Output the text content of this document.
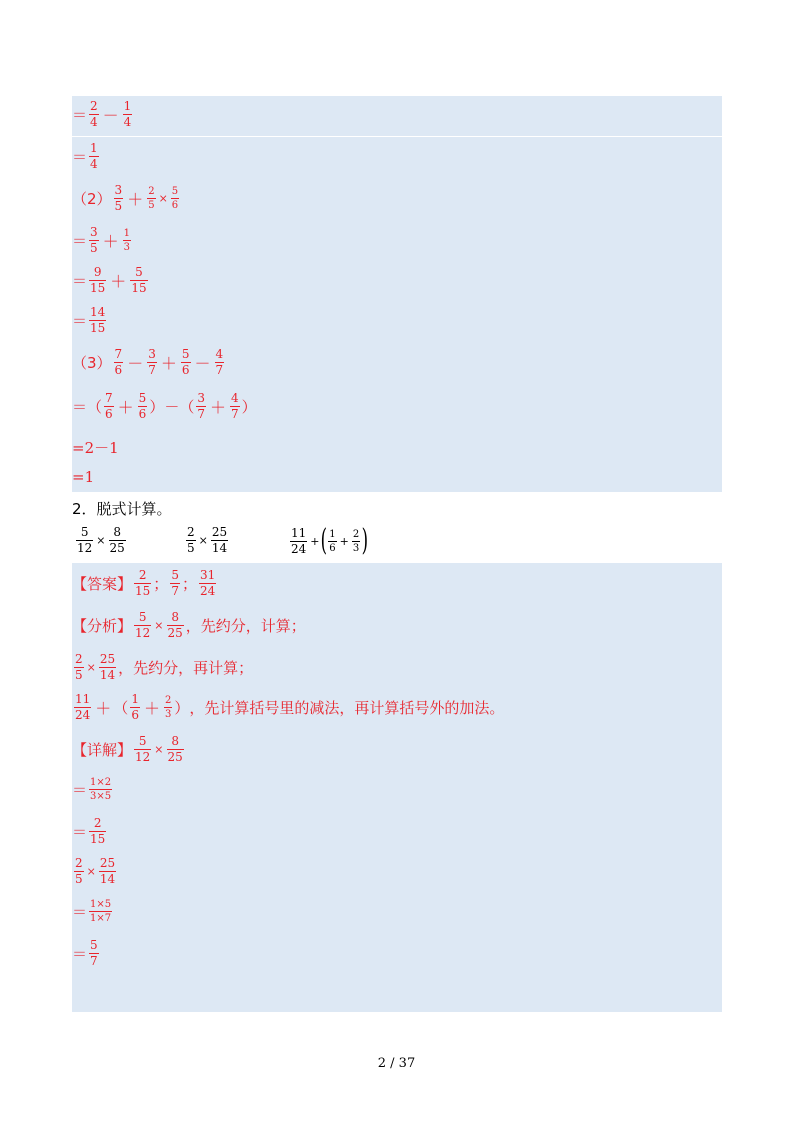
＝ $\frac{2}{4} - \frac{1}{4}$
＝ $\frac{1}{4}$
$(2) \frac{3}{5} + \frac{2}{5} \times \frac{5}{6}$
＝ $\frac{3}{5} + \frac{1}{3}$
＝ $\frac{9}{15} + \frac{5}{15}$
＝ $\frac{14}{15}$
$(3) \frac{7}{6} - \frac{3}{7} + \frac{5}{6} - \frac{4}{7}$
＝（ $\frac{7}{6} + \frac{5}{6}$ ）－（ $\frac{3}{7} + \frac{4}{7}$ ）
=2－1
=1
2．脱式计算。
$\frac{5}{12} \times \frac{8}{25}$	$\frac{2}{5} \times \frac{25}{14}$	$\frac{11}{24}$ + ( $\frac{1}{6} + \frac{2}{3}$ )
【答案】 $\frac{2}{15}$ ； $\frac{5}{7}$ ； $\frac{31}{24}$
【分析】 $\frac{5}{12} \times \frac{8}{25}$ ，先约分，计算；
$\frac{2}{5} \times \frac{25}{14}$ ，先约分，再计算；
$\frac{11}{24}$ ＋ （ $\frac{1}{6} + \frac{2}{3}$ ） ，先计算括号里的减法，再计算括号外的加法。
【详解】 $\frac{5}{12} \times \frac{8}{25}$
＝ $\frac{1\times 2}{3\times 5}$
＝ $\frac{2}{15}$
$\frac{2}{5} \times \frac{25}{14}$
＝ $\frac{1\times 5}{1\times 7}$
＝ $\frac{5}{7}$
2 / 37
